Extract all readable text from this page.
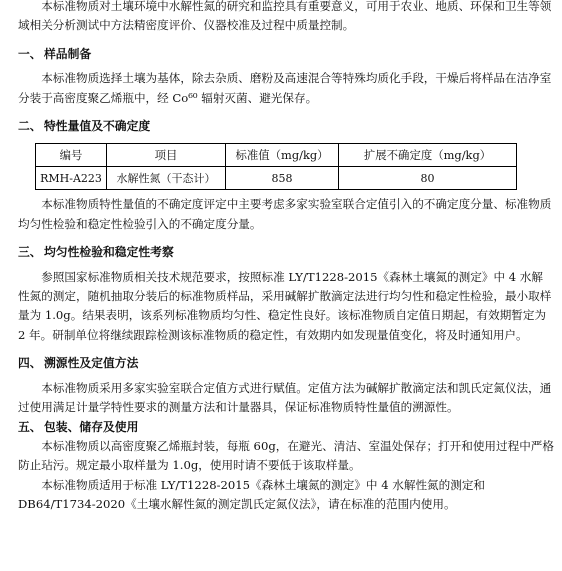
本标准物质对土壤环境中水解性氮的研究和监控具有重要意义，可用于农业、地质、环保和卫生等领域相关分析测试中方法精密度评价、仪器校准及过程中质量控制。

一、 样品制备

本标准物质选择土壤为基体，除去杂质、磨粉及高速混合等特殊均质化手段，干燥后将样品在洁净室分装于高密度聚乙烯瓶中，经 Co⁶⁰ 辐射灭菌、避光保存。

二、 特性量值及不确定度
编号	项目	标准值（mg/kg）	扩展不确定度（mg/kg）
RMH-A223	水解性氮（干态计）	858	80

本标准物质特性量值的不确定度评定中主要考虑多家实验室联合定值引入的不确定度分量、标准物质均匀性检验和稳定性检验引入的不确定度分量。

三、 均匀性检验和稳定性考察

参照国家标准物质相关技术规范要求，按照标准 LY/T1228-2015《森林土壤氮的测定》中 4 水解性氮的测定，随机抽取分装后的标准物质样品，采用碱解扩散滴定法进行均匀性和稳定性检验，最小取样量为 1.0g。结果表明，该系列标准物质均匀性、稳定性良好。该标准物质自定值日期起，有效期暂定为 2 年。研制单位将继续跟踪检测该标准物质的稳定性，有效期内如发现量值变化，将及时通知用户。

四、 溯源性及定值方法

本标准物质采用多家实验室联合定值方式进行赋值。定值方法为碱解扩散滴定法和凯氏定氮仪法，通过使用满足计量学特性要求的测量方法和计量器具，保证标准物质特性量值的溯源性。

五、 包装、储存及使用

本标准物质以高密度聚乙烯瓶封装，每瓶 60g，在避光、清洁、室温处保存；打开和使用过程中严格防止玷污。规定最小取样量为 1.0g，使用时请不要低于该取样量。

本标准物质适用于标准 LY/T1228-2015《森林土壤氮的测定》中 4 水解性氮的测定和 DB64/T1734-2020《土壤水解性氮的测定凯氏定氮仪法》，请在标准的范围内使用。
